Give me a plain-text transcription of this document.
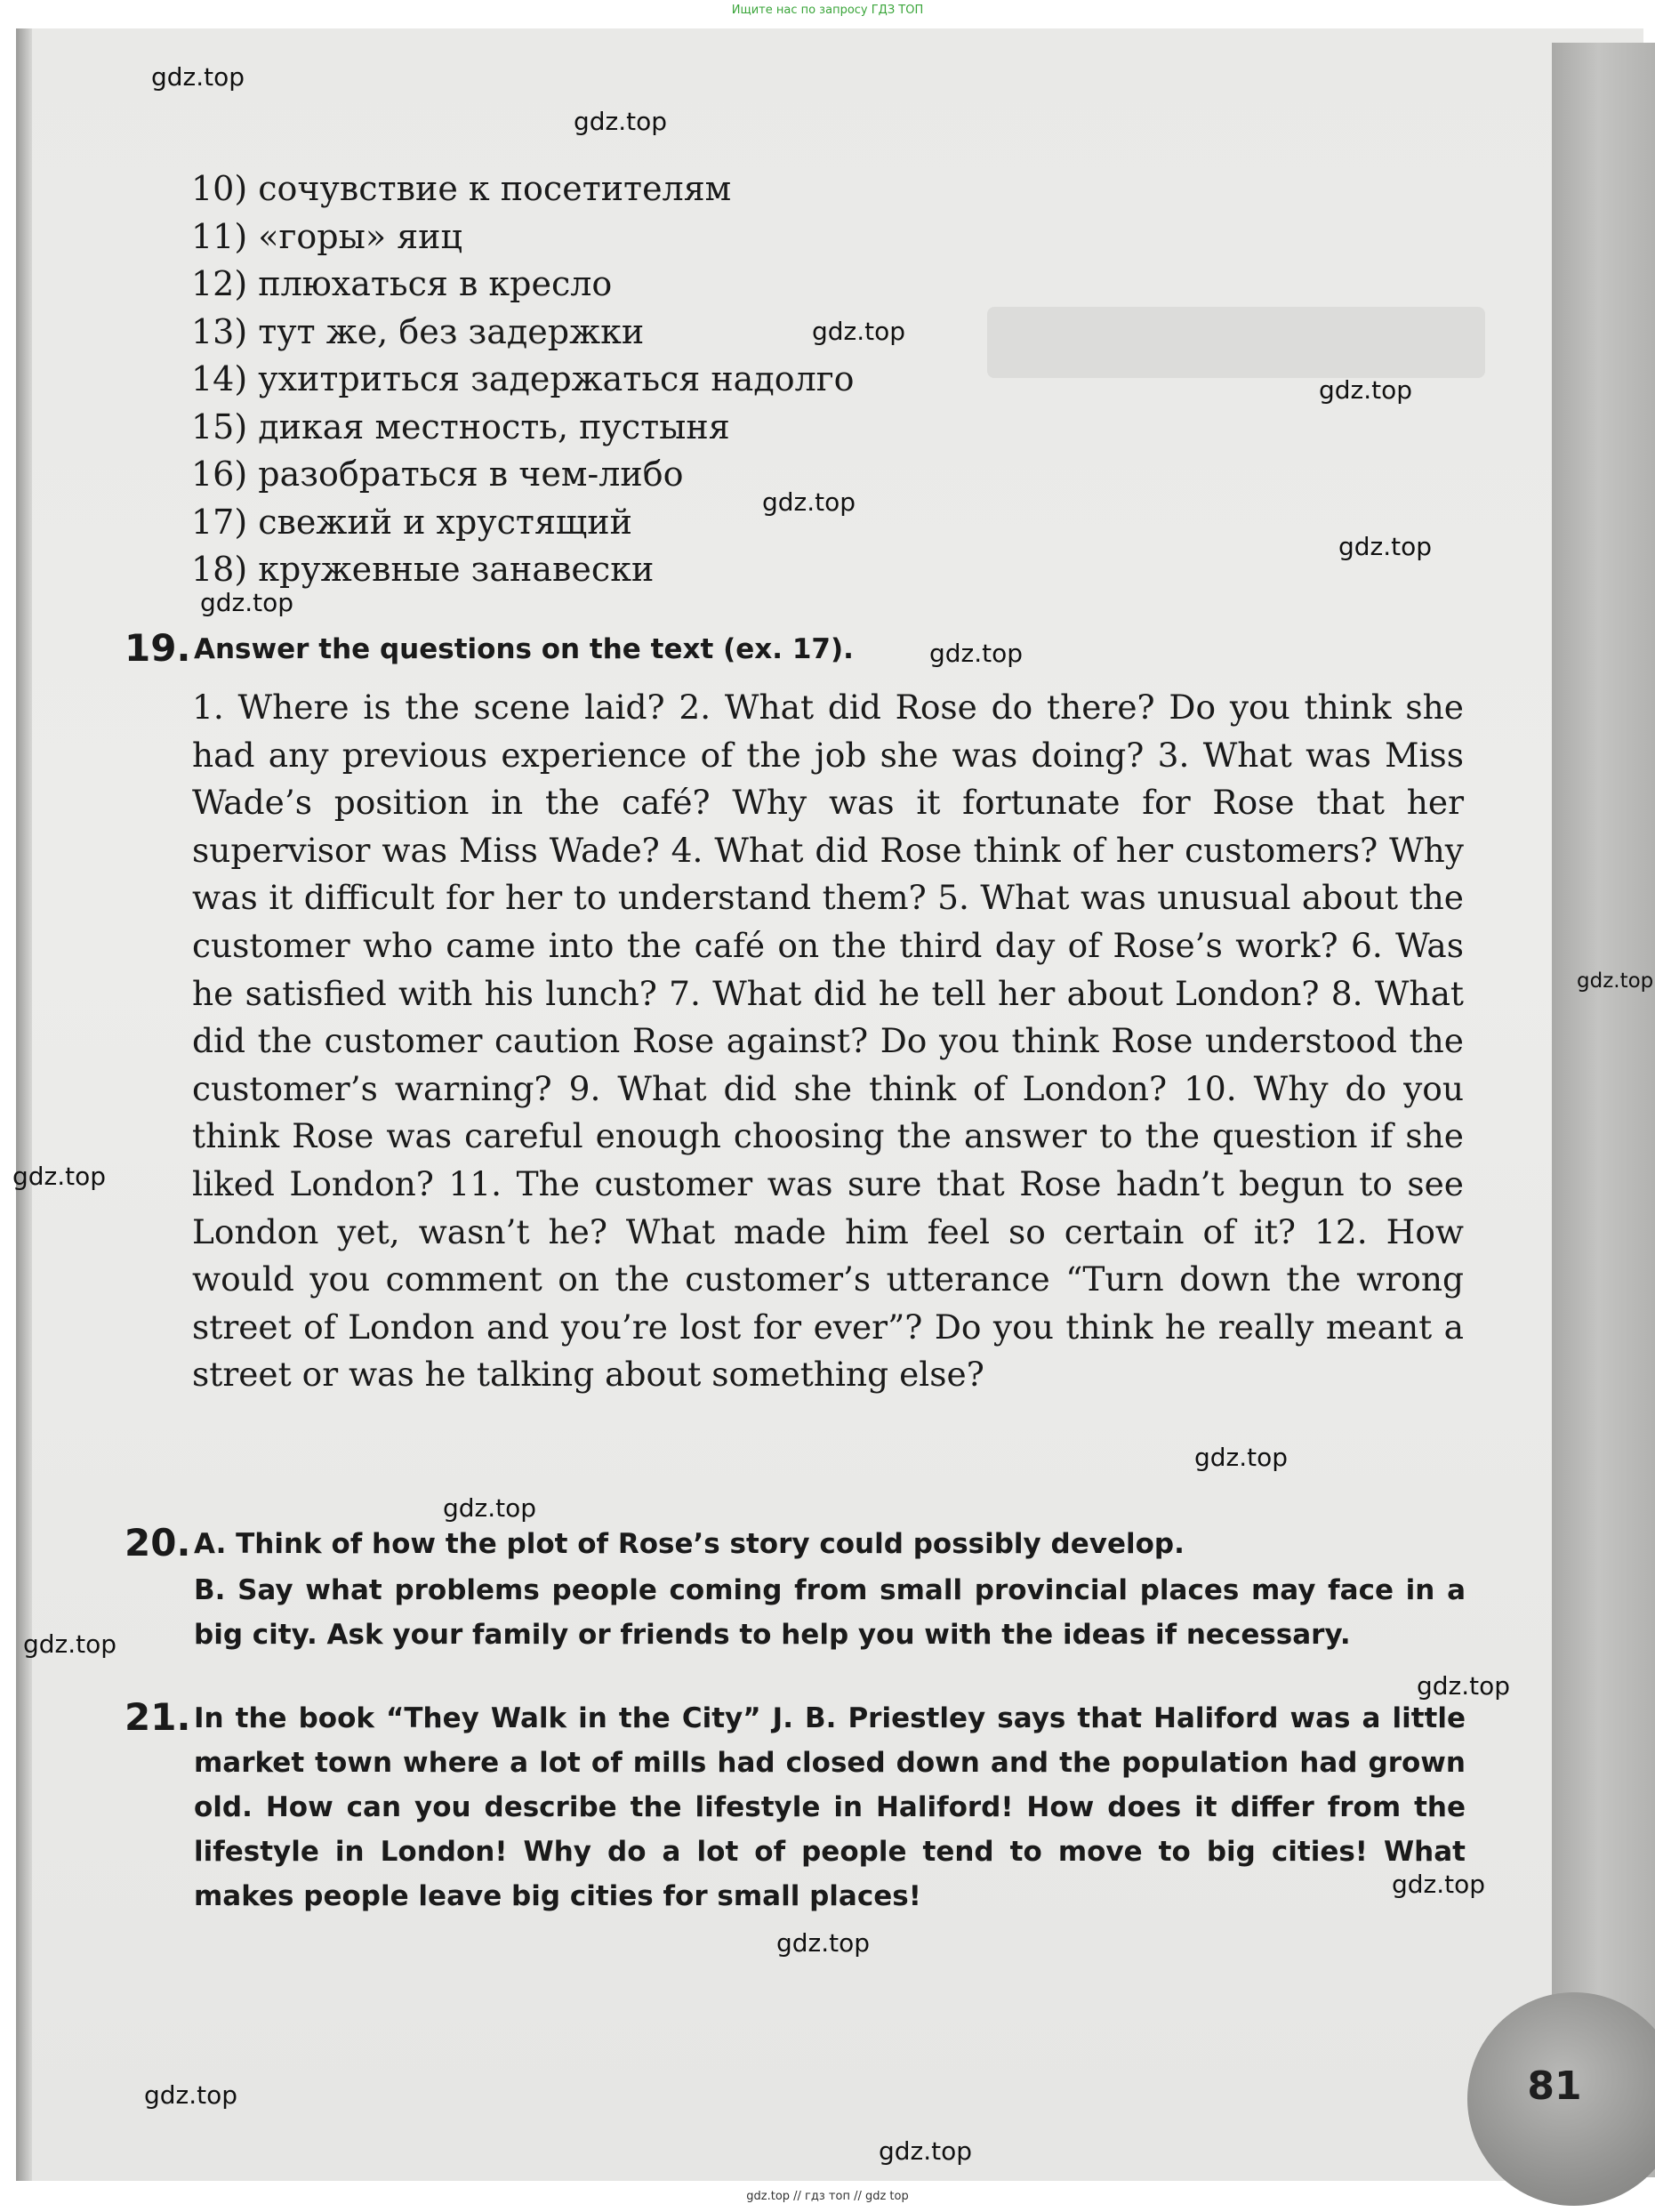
Ищите нас по запросу ГДЗ ТОП
10) сочувствие к посетителям
11) «горы» яиц
12) плюхаться в кресло
13) тут же, без задержки
14) ухитриться задержаться надолго
15) дикая местность, пустыня
16) разобраться в чем-либо
17) свежий и хрустящий
18) кружевные занавески
19. Answer the questions on the text (ex. 17).
1. Where is the scene laid? 2. What did Rose do there? Do you think she had any previous experience of the job she was doing? 3. What was Miss Wade’s position in the café? Why was it fortunate for Rose that her supervisor was Miss Wade? 4. What did Rose think of her customers? Why was it difficult for her to understand them? 5. What was unusual about the customer who came into the café on the third day of Rose’s work? 6. Was he satisfied with his lunch? 7. What did he tell her about London? 8. What did the customer caution Rose against? Do you think Rose understood the customer’s warning? 9. What did she think of London? 10. Why do you think Rose was careful enough choosing the answer to the question if she liked London? 11. The customer was sure that Rose hadn’t begun to see London yet, wasn’t he? What made him feel so certain of it? 12. How would you comment on the customer’s utterance “Turn down the wrong street of London and you’re lost for ever”? Do you think he really meant a street or was he talking about something else?
20. A. Think of how the plot of Rose’s story could possibly develop.
B. Say what problems people coming from small provincial places may face in a big city. Ask your family or friends to help you with the ideas if necessary.
21. In the book “They Walk in the City” J. B. Priestley says that Haliford was a little market town where a lot of mills had closed down and the population had grown old. How can you describe the lifestyle in Haliford! How does it differ from the lifestyle in London! Why do a lot of people tend to move to big cities! What makes people leave big cities for small places!
81
gdz.top
gdz.top
gdz.top
gdz.top
gdz.top
gdz.top
gdz.top
gdz.top
gdz.top
gdz.top
gdz.top
gdz.top
gdz.top
gdz.top
gdz.top
gdz.top
gdz.top
gdz.top
gdz.top // гдз топ // gdz top
